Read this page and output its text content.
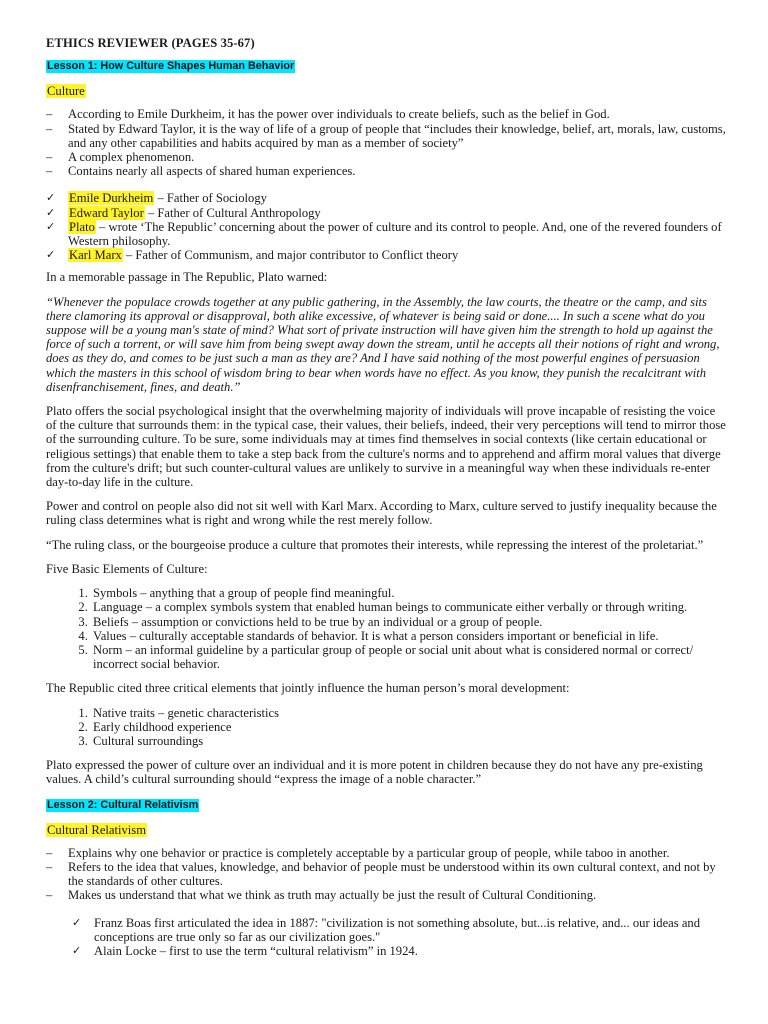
ETHICS REVIEWER (PAGES 35-67)
Lesson 1: How Culture Shapes Human Behavior
Culture
– According to Emile Durkheim, it has the power over individuals to create beliefs, such as the belief in God.
– Stated by Edward Taylor, it is the way of life of a group of people that “includes their knowledge, belief, art, morals, law, customs, and any other capabilities and habits acquired by man as a member of society”
– A complex phenomenon.
– Contains nearly all aspects of shared human experiences.
✓ Emile Durkheim – Father of Sociology
✓ Edward Taylor – Father of Cultural Anthropology
✓ Plato – wrote ‘The Republic’ concerning about the power of culture and its control to people. And, one of the revered founders of Western philosophy.
✓ Karl Marx – Father of Communism, and major contributor to Conflict theory

In a memorable passage in The Republic, Plato warned:

“Whenever the populace crowds together at any public gathering, in the Assembly, the law courts, the theatre or the camp, and sits there clamoring its approval or disapproval, both alike excessive, of whatever is being said or done.... In such a scene what do you suppose will be a young man's state of mind? What sort of private instruction will have given him the strength to hold up against the force of such a torrent, or will save him from being swept away down the stream, until he accepts all their notions of right and wrong, does as they do, and comes to be just such a man as they are? And I have said nothing of the most powerful engines of persuasion which the masters in this school of wisdom bring to bear when words have no effect. As you know, they punish the recalcitrant with disenfranchisement, fines, and death.”

Plato offers the social psychological insight that the overwhelming majority of individuals will prove incapable of resisting the voice of the culture that surrounds them: in the typical case, their values, their beliefs, indeed, their very perceptions will tend to mirror those of the surrounding culture. To be sure, some individuals may at times find themselves in social contexts (like certain educational or religious settings) that enable them to take a step back from the culture's norms and to apprehend and affirm moral values that diverge from the culture's drift; but such counter-cultural values are unlikely to survive in a meaningful way when these individuals re-enter day-to-day life in the culture.

Power and control on people also did not sit well with Karl Marx. According to Marx, culture served to justify inequality because the ruling class determines what is right and wrong while the rest merely follow.

“The ruling class, or the bourgeoise produce a culture that promotes their interests, while repressing the interest of the proletariat.”

Five Basic Elements of Culture:

1. Symbols – anything that a group of people find meaningful.
2. Language – a complex symbols system that enabled human beings to communicate either verbally or through writing.
3. Beliefs – assumption or convictions held to be true by an individual or a group of people.
4. Values – culturally acceptable standards of behavior. It is what a person considers important or beneficial in life.
5. Norm – an informal guideline by a particular group of people or social unit about what is considered normal or correct/ incorrect social behavior.

The Republic cited three critical elements that jointly influence the human person’s moral development:

1. Native traits – genetic characteristics
2. Early childhood experience
3. Cultural surroundings

Plato expressed the power of culture over an individual and it is more potent in children because they do not have any pre-existing values. A child’s cultural surrounding should “express the image of a noble character.”

Lesson 2: Cultural Relativism
Cultural Relativism
– Explains why one behavior or practice is completely acceptable by a particular group of people, while taboo in another.
– Refers to the idea that values, knowledge, and behavior of people must be understood within its own cultural context, and not by the standards of other cultures.
– Makes us understand that what we think as truth may actually be just the result of Cultural Conditioning.
✓ Franz Boas first articulated the idea in 1887: "civilization is not something absolute, but...is relative, and... our ideas and conceptions are true only so far as our civilization goes."
✓ Alain Locke – first to use the term “cultural relativism” in 1924.
